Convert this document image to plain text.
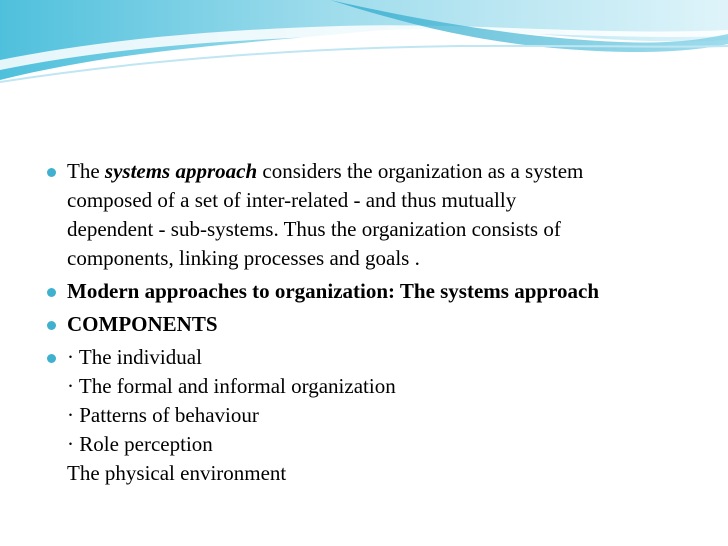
The systems approach considers the organization as a system
composed of a set of inter-related - and thus mutually
dependent - sub-systems. Thus the organization consists of
components, linking processes and goals .
Modern approaches to organization: The systems approach
COMPONENTS
· The individual
· The formal and informal organization
· Patterns of behaviour
· Role perception
The physical environment
